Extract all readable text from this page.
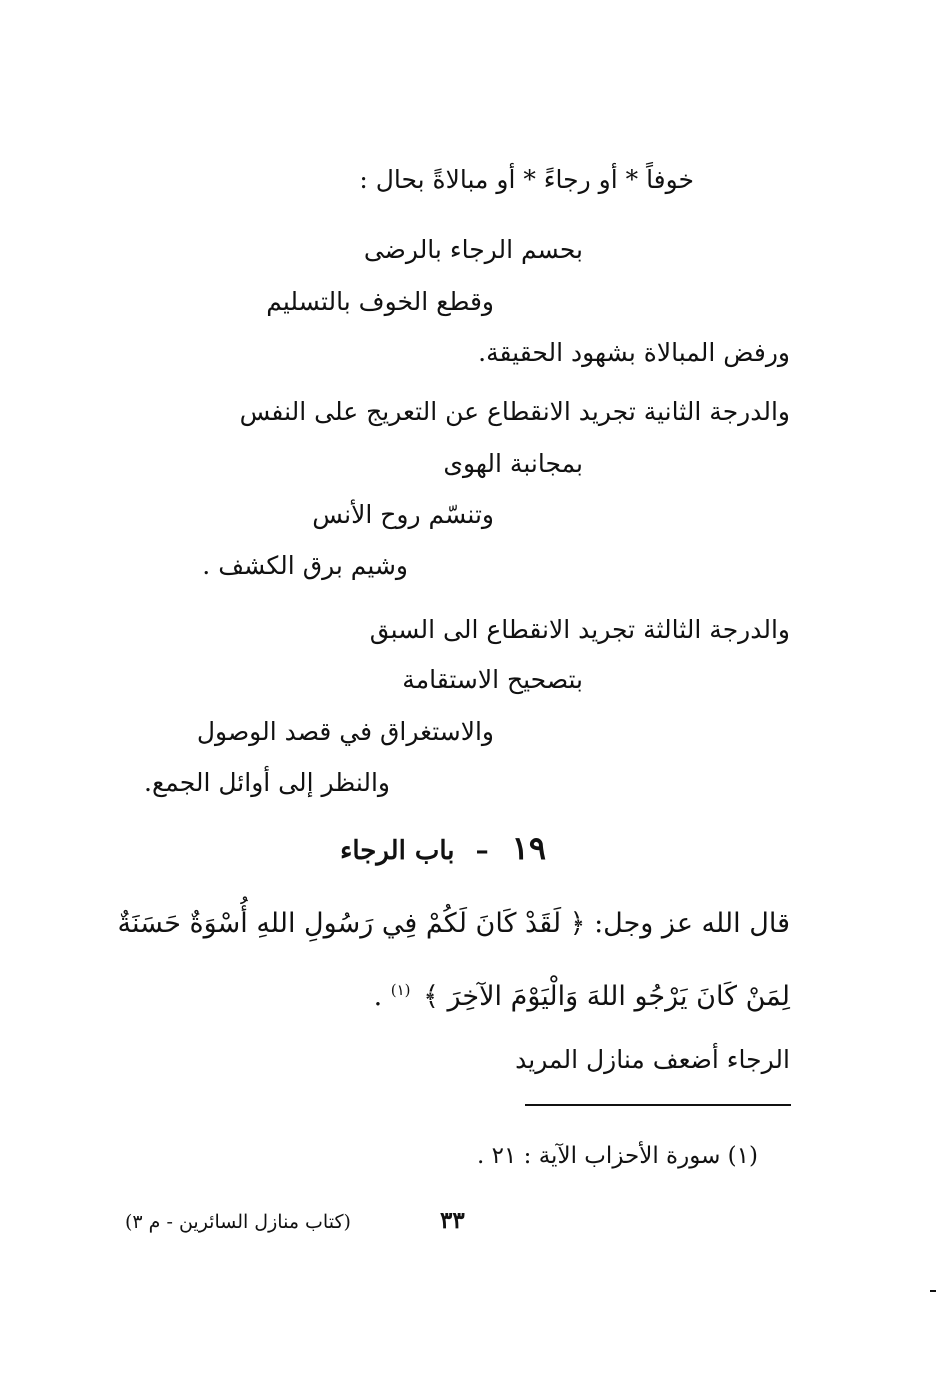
خوفاً * أو رجاءً * أو مبالاةً بحال :
بحسم الرجاء بالرضى
وقطع الخوف بالتسليم
ورفض المبالاة بشهود الحقيقة.
والدرجة الثانية تجريد الانقطاع عن التعريج على النفس
بمجانبة الهوى
وتنسّم روح الأنس
وشيم برق الكشف .
والدرجة الثالثة تجريد الانقطاع الى السبق
بتصحيح الاستقامة
والاستغراق في قصد الوصول
والنظر إلى أوائل الجمع.
١٩ – باب الرجاء
قال الله عز وجل: ﴿ لَقَدْ كَانَ لَكُمْ فِي رَسُولِ اللهِ أُسْوَةٌ حَسَنَةٌ
لِمَنْ كَانَ يَرْجُو اللهَ وَالْيَوْمَ الآخِرَ ﴾ $^{(١)}$ .
الرجاء أضعف منازل المريد
(١) سورة الأحزاب الآية : ٢١ .
٣٣
(كتاب منازل السائرين - م ٣)
